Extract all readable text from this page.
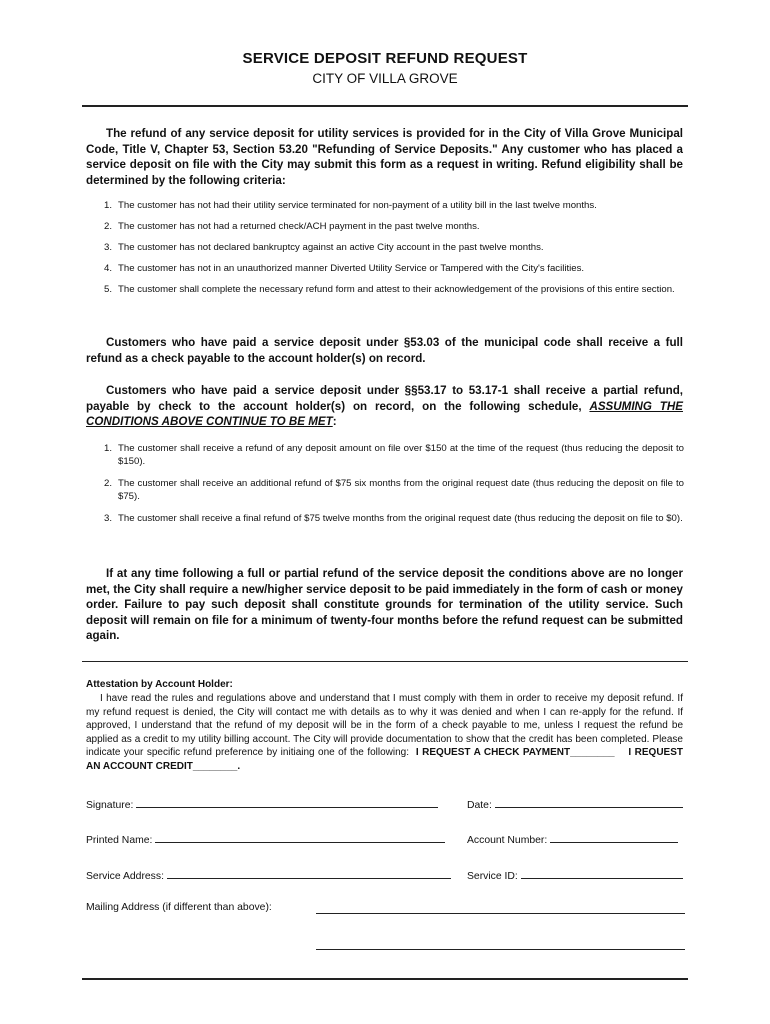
SERVICE DEPOSIT REFUND REQUEST
CITY OF VILLA GROVE
The refund of any service deposit for utility services is provided for in the City of Villa Grove Municipal Code, Title V, Chapter 53, Section 53.20 "Refunding of Service Deposits." Any customer who has placed a service deposit on file with the City may submit this form as a request in writing. Refund eligibility shall be determined by the following criteria:
1. The customer has not had their utility service terminated for non-payment of a utility bill in the last twelve months.
2. The customer has not had a returned check/ACH payment in the past twelve months.
3. The customer has not declared bankruptcy against an active City account in the past twelve months.
4. The customer has not in an unauthorized manner Diverted Utility Service or Tampered with the City's facilities.
5. The customer shall complete the necessary refund form and attest to their acknowledgement of the provisions of this entire section.
Customers who have paid a service deposit under §53.03 of the municipal code shall receive a full refund as a check payable to the account holder(s) on record.
Customers who have paid a service deposit under §§53.17 to 53.17-1 shall receive a partial refund, payable by check to the account holder(s) on record, on the following schedule, ASSUMING THE CONDITIONS ABOVE CONTINUE TO BE MET:
1. The customer shall receive a refund of any deposit amount on file over $150 at the time of the request (thus reducing the deposit to $150).
2. The customer shall receive an additional refund of $75 six months from the original request date (thus reducing the deposit on file to $75).
3. The customer shall receive a final refund of $75 twelve months from the original request date (thus reducing the deposit on file to $0).
If at any time following a full or partial refund of the service deposit the conditions above are no longer met, the City shall require a new/higher service deposit to be paid immediately in the form of cash or money order. Failure to pay such deposit shall constitute grounds for termination of the utility service. Such deposit will remain on file for a minimum of twenty-four months before the refund request can be submitted again.
Attestation by Account Holder:
I have read the rules and regulations above and understand that I must comply with them in order to receive my deposit refund. If my refund request is denied, the City will contact me with details as to why it was denied and when I can re-apply for the refund. If approved, I understand that the refund of my deposit will be in the form of a check payable to me, unless I request the refund be applied as a credit to my utility billing account. The City will provide documentation to show that the credit has been completed. Please indicate your specific refund preference by initiaing one of the following: I REQUEST A CHECK PAYMENT________ I REQUEST AN ACCOUNT CREDIT________.
Signature:	Date:
Printed Name:	Account Number:
Service Address:	Service ID:
Mailing Address (if different than above):
